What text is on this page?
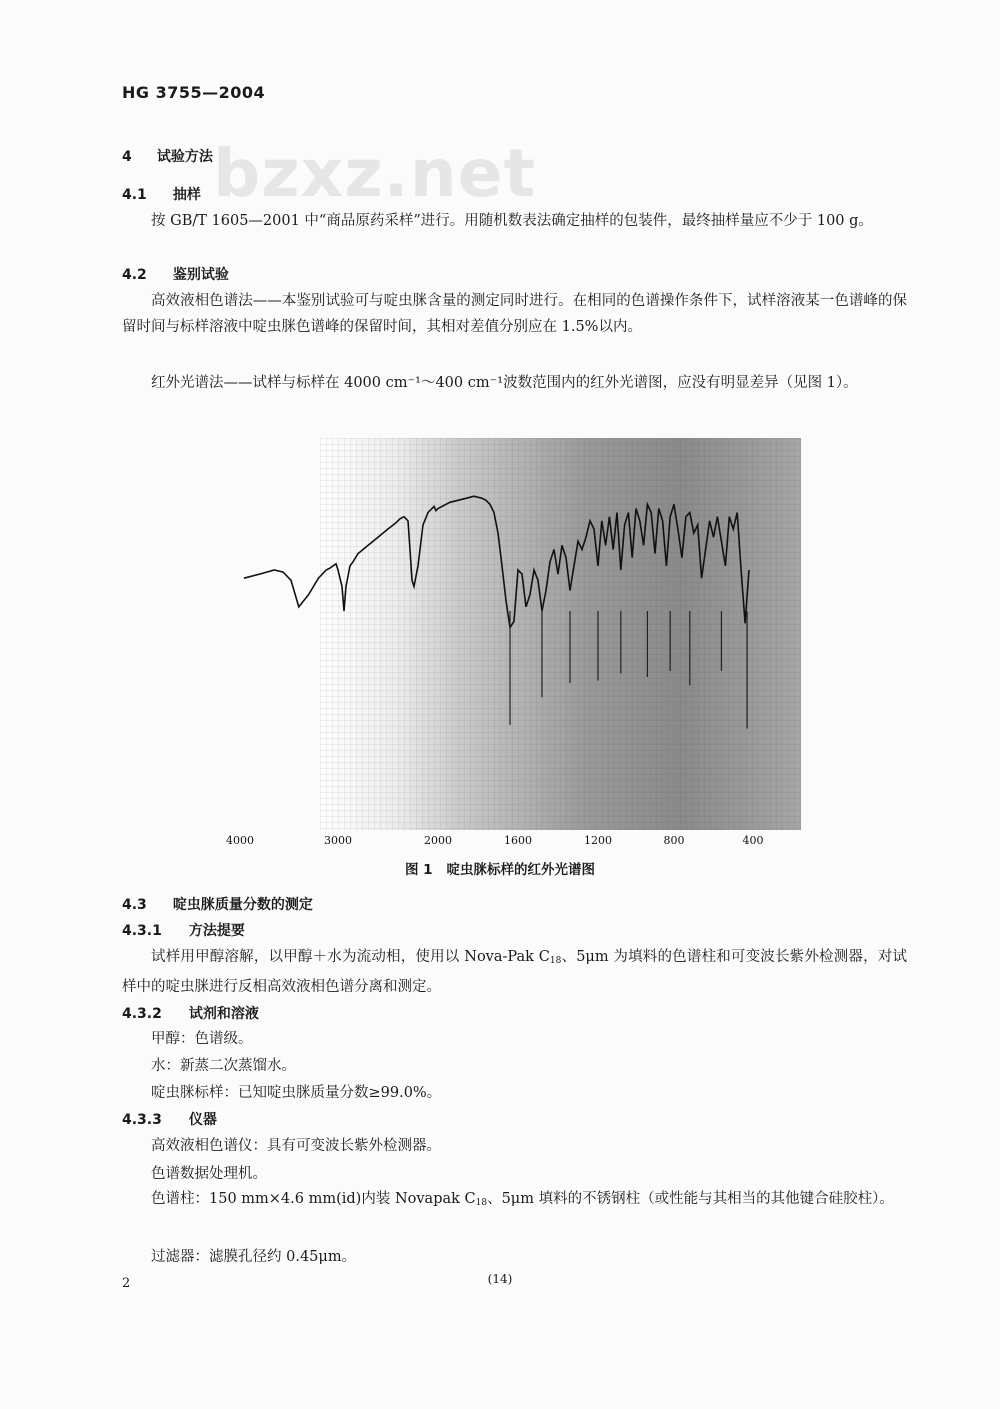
HG 3755—2004
bzxz.net
4 试验方法
4.1 抽样
按 GB/T 1605—2001 中“商品原药采样”进行。用随机数表法确定抽样的包装件，最终抽样量应不少于 100 g。
4.2 鉴别试验
高效液相色谱法——本鉴别试验可与啶虫脒含量的测定同时进行。在相同的色谱操作条件下，试样溶液某一色谱峰的保留时间与标样溶液中啶虫脒色谱峰的保留时间，其相对差值分别应在 1.5%以内。
红外光谱法——试样与标样在 4000 cm⁻¹～400 cm⁻¹波数范围内的红外光谱图，应没有明显差异（见图 1）。
4000	3000	2000	1600	1200	800	400
图 1 啶虫脒标样的红外光谱图
4.3 啶虫脒质量分数的测定
4.3.1 方法提要
试样用甲醇溶解，以甲醇＋水为流动相，使用以 Nova-Pak $C_{18}$、5μm 为填料的色谱柱和可变波长紫外检测器，对试样中的啶虫脒进行反相高效液相色谱分离和测定。
4.3.2 试剂和溶液
甲醇：色谱级。
水：新蒸二次蒸馏水。
啶虫脒标样：已知啶虫脒质量分数≥99.0%。
4.3.3 仪器
高效液相色谱仪：具有可变波长紫外检测器。
色谱数据处理机。
色谱柱：150 mm×4.6 mm(id)内装 Novapak $C_{18}$、5μm 填料的不锈钢柱（或性能与其相当的其他键合硅胶柱）。
过滤器：滤膜孔径约 0.45μm。
2	(14)
